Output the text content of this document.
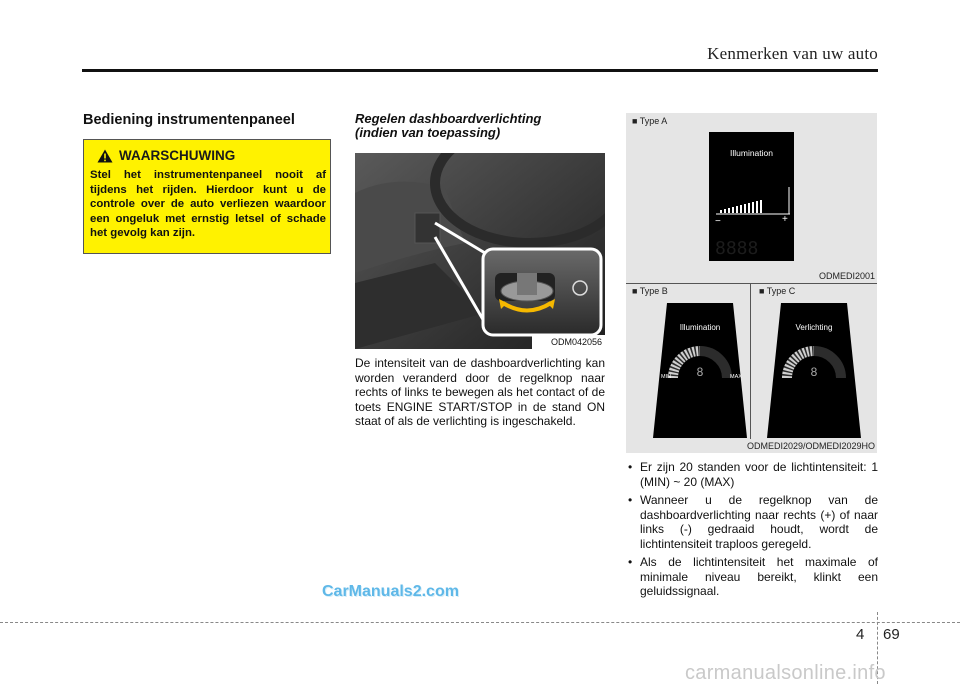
Kenmerken van uw auto
Bediening instrumentenpaneel
WAARSCHUWING
Stel het instrumentenpaneel nooit af tijdens het rijden. Hierdoor kunt u de controle over de auto verliezen waardoor een ongeluk met ernstig letsel of schade het gevolg kan zijn.
Regelen dashboardverlichting
(indien van toepassing)
ODM042056
De intensiteit van de dashboardverlichting kan worden veranderd door de regelknop naar rechts of links te bewegen als het contact of de toets ENGINE START/STOP in de stand ON staat of als de verlichting is ingeschakeld.
■ Type A
Illumination
−	+
8888
ODMEDI2001
■ Type B	■ Type C
Illumination
8
MIN	MAX
Verlichting
8
ODMEDI2029/ODMEDI2029HO
• Er zijn 20 standen voor de lichtintensiteit: 1 (MIN) ~ 20 (MAX)
• Wanneer u de regelknop van de dashboardverlichting naar rechts (+) of naar links (-) gedraaid houdt, wordt de lichtintensiteit traploos geregeld.
• Als de lichtintensiteit het maximale of minimale niveau bereikt, klinkt een geluidssignaal.
CarManuals2.com
4 69
carmanualsonline.info
